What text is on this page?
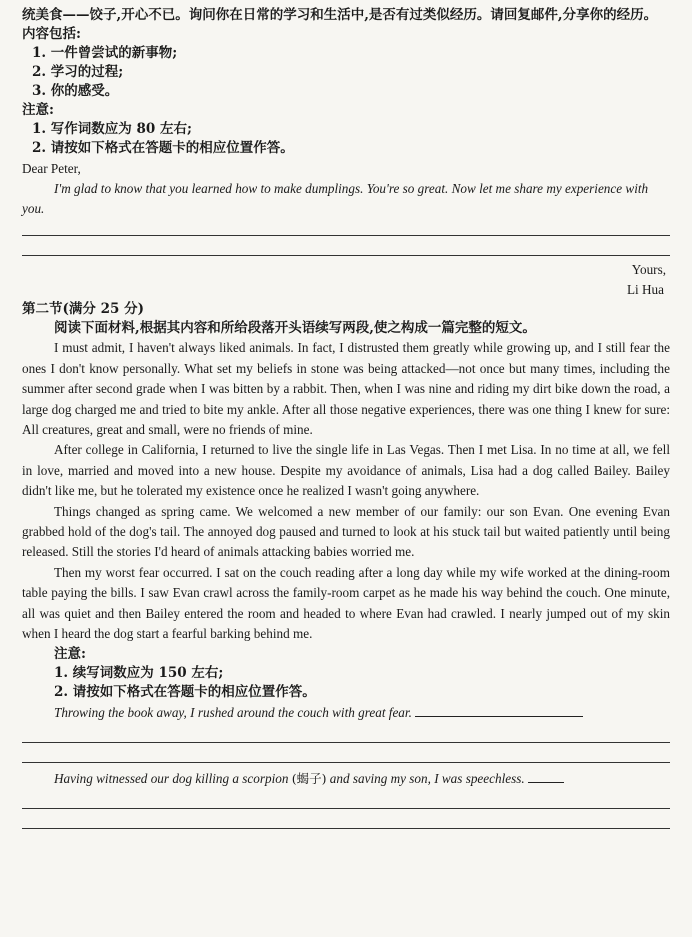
统美食——饺子,开心不已。询问你在日常的学习和生活中,是否有过类似经历。请回复邮件,分享你的经历。内容包括:

1. 一件曾尝试的新事物;

2. 学习的过程;

3. 你的感受。

注意:

1. 写作词数应为 80 左右;

2. 请按如下格式在答题卡的相应位置作答。

Dear Peter,

I'm glad to know that you learned how to make dumplings. You're so great. Now let me share my experience with you.

Yours,

Li Hua

第二节(满分 25 分)

阅读下面材料,根据其内容和所给段落开头语续写两段,使之构成一篇完整的短文。

I must admit, I haven't always liked animals. In fact, I distrusted them greatly while growing up, and I still fear the ones I don't know personally. What set my beliefs in stone was being attacked—not once but many times, including the summer after second grade when I was bitten by a rabbit. Then, when I was nine and riding my dirt bike down the road, a large dog charged me and tried to bite my ankle. After all those negative experiences, there was one thing I knew for sure: All creatures, great and small, were no friends of mine.

After college in California, I returned to live the single life in Las Vegas. Then I met Lisa. In no time at all, we fell in love, married and moved into a new house. Despite my avoidance of animals, Lisa had a dog called Bailey. Bailey didn't like me, but he tolerated my existence once he realized I wasn't going anywhere.

Things changed as spring came. We welcomed a new member of our family: our son Evan. One evening Evan grabbed hold of the dog's tail. The annoyed dog paused and turned to look at his stuck tail but waited patiently until being released. Still the stories I'd heard of animals attacking babies worried me.

Then my worst fear occurred. I sat on the couch reading after a long day while my wife worked at the dining-room table paying the bills. I saw Evan crawl across the family-room carpet as he made his way behind the couch. One minute, all was quiet and then Bailey entered the room and headed to where Evan had crawled. I nearly jumped out of my skin when I heard the dog start a fearful barking behind me.

注意:

1. 续写词数应为 150 左右;

2. 请按如下格式在答题卡的相应位置作答。

Throwing the book away, I rushed around the couch with great fear.

Having witnessed our dog killing a scorpion (蝎子) and saving my son, I was speechless.
